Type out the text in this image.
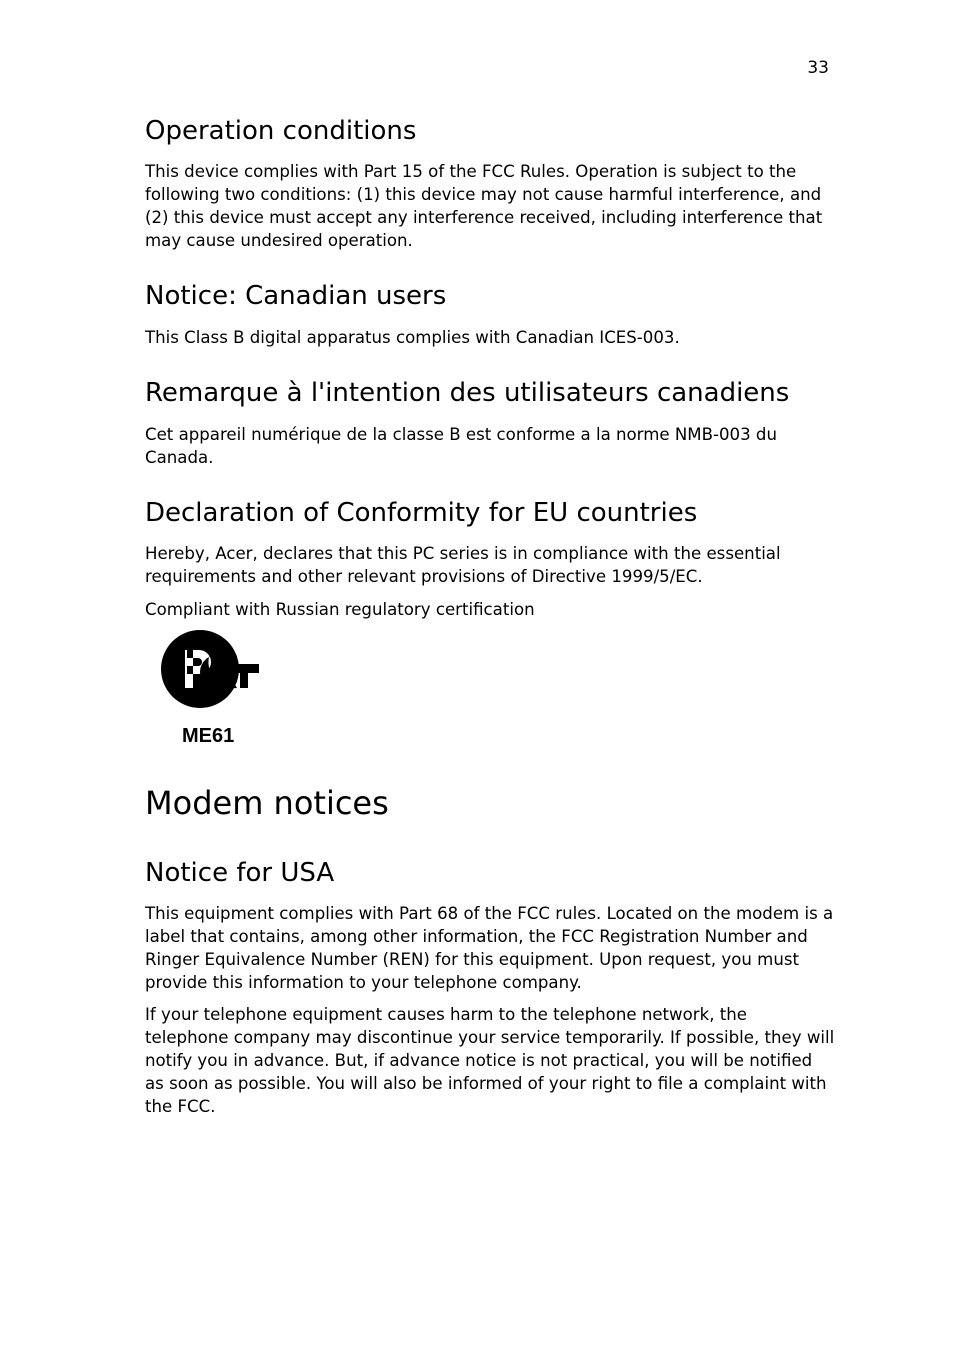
33
Operation conditions

This device complies with Part 15 of the FCC Rules. Operation is subject to the following two conditions: (1) this device may not cause harmful interference, and (2) this device must accept any interference received, including interference that may cause undesired operation.

Notice: Canadian users

This Class B digital apparatus complies with Canadian ICES-003.

Remarque à l'intention des utilisateurs canadiens

Cet appareil numérique de la classe B est conforme a la norme NMB-003 du Canada.

Declaration of Conformity for EU countries

Hereby, Acer, declares that this PC series is in compliance with the essential requirements and other relevant provisions of Directive 1999/5/EC.

Compliant with Russian regulatory certification

ME61
Modem notices
Notice for USA

This equipment complies with Part 68 of the FCC rules. Located on the modem is a label that contains, among other information, the FCC Registration Number and Ringer Equivalence Number (REN) for this equipment. Upon request, you must provide this information to your telephone company.

If your telephone equipment causes harm to the telephone network, the telephone company may discontinue your service temporarily. If possible, they will notify you in advance. But, if advance notice is not practical, you will be notified as soon as possible. You will also be informed of your right to file a complaint with the FCC.
